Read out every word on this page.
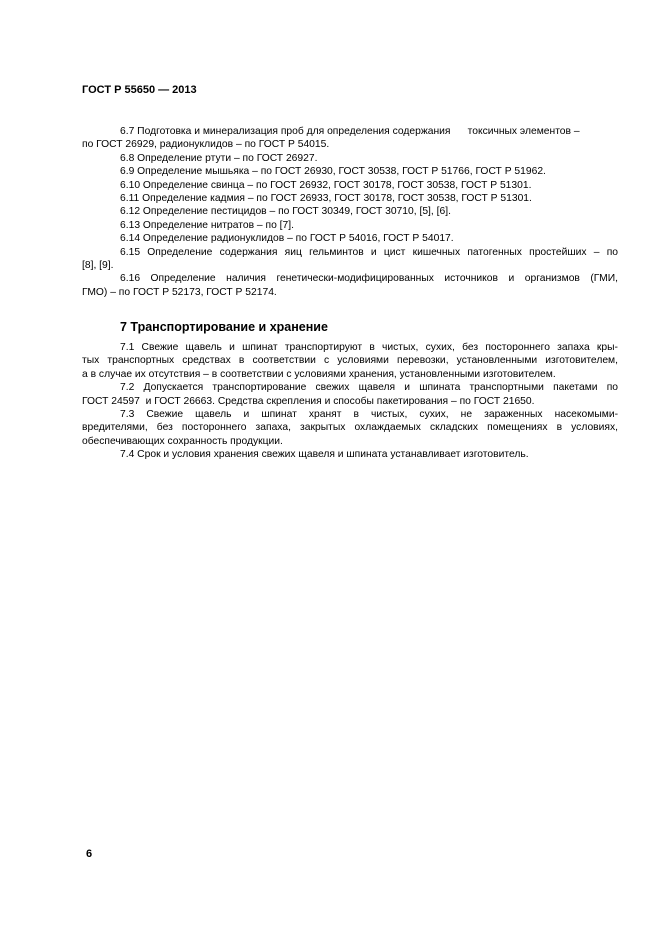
ГОСТ Р 55650 — 2013
6.7 Подготовка и минерализация проб для определения содержания      токсичных элементов –
по ГОСТ 26929, радионуклидов – по ГОСТ Р 54015.
6.8 Определение ртути – по ГОСТ 26927.
6.9 Определение мышьяка – по ГОСТ 26930, ГОСТ 30538, ГОСТ Р 51766, ГОСТ Р 51962.
6.10 Определение свинца – по ГОСТ 26932, ГОСТ 30178, ГОСТ 30538, ГОСТ Р 51301.
6.11 Определение кадмия – по ГОСТ 26933, ГОСТ 30178, ГОСТ 30538, ГОСТ Р 51301.
6.12 Определение пестицидов – по ГОСТ 30349, ГОСТ 30710, [5], [6].
6.13 Определение нитратов – по [7].
6.14 Определение радионуклидов – по ГОСТ Р 54016, ГОСТ Р 54017.
6.15 Определение содержания яиц гельминтов и цист кишечных патогенных простейших – по
[8], [9].
6.16 Определение наличия генетически-модифицированных источников и организмов (ГМИ,
ГМО) – по ГОСТ Р 52173, ГОСТ Р 52174.
7 Транспортирование и хранение
7.1 Свежие щавель и шпинат транспортируют в чистых, сухих, без постороннего запаха кры-
тых транспортных средствах в соответствии с условиями перевозки, установленными изготовителем,
а в случае их отсутствия – в соответствии с условиями хранения, установленными изготовителем.
7.2 Допускается транспортирование свежих щавеля и шпината транспортными пакетами по
ГОСТ 24597  и ГОСТ 26663. Средства скрепления и способы пакетирования – по ГОСТ 21650.
7.3 Свежие щавель и шпинат хранят в чистых, сухих, не зараженных насекомыми-
вредителями, без постороннего запаха, закрытых охлаждаемых складских помещениях в условиях,
обеспечивающих сохранность продукции.
7.4 Срок и условия хранения свежих щавеля и шпината устанавливает изготовитель.
6
